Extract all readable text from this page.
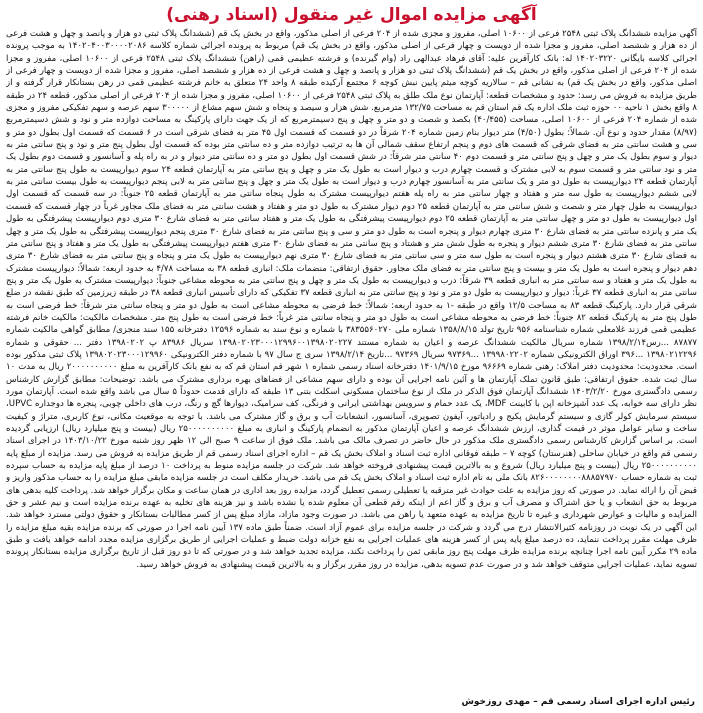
آگهی مزایده اموال غیر منقول (اسناد رهنی)

آگهی مزایده ششدانگ پلاک ثبتی ۲۵۴۸ فرعی از ۱۰۶۰۰ اصلی، مفروز و مجزی شده از ۲۰۴ فرعی از اصلی مذکور، واقع در بخش یک قم (ششدانگ پلاک ثبتی دو هزار و پانصد و چهل و هشت فرعی از ده هزار و ششصد اصلی، مفروز و مجزا شده از دویست و چهار فرعی از اصلی مذکور، واقع در بخش یک قم) مربوط به پرونده اجرائی شماره کلاسه ۱۴۰۲۰۴۰۰۳۰۰۰۰۲۰۸۶ به موجب پرونده اجرائی کلاسه بایگانی ۱۴۰۲۰۳۲۲۰ له: بانک کارآفرین علیه: آقای فرهاد عبدالهی راد (وام گیرنده) و فرشته عظیمی قمی (راهن) ششدانگ پلاک ثبتی ۲۵۴۸ فرعی از ۱۰۶۰۰ اصلی، مفروز و مجزا شده از ۲۰۴ فرعی از اصلی مذکور، واقع در بخش یک قم (ششدانگ پلاک ثبتی دو هزار و پانصد و چهل و هشت فرعی از ده هزار و ششصد اصلی، مفروز و مجزا شده از دویست و چهار فرعی از اصلی مذکور، واقع در بخش یک قم) به نشانی قم – سالاریه کوچه میثم پایین نبش کوچه ۶ مجتمع آرکیده طبقه ۸ واحد ۲۴ متعلق به خانم فرشته عظیمی قمی در رهن بستانکار قرار گرفته و از طریق مزایده به فروش می رسد: حدود و مشخصات قطعه: آپارتمان نوع ملک طلق به پلاک ثبتی ۲۵۴۸ فرعی از ۱۰۶۰۰ اصلی، مفروز و مجزا شده از ۲۰۴ فرعی از اصلی مذکور، قطعه ۲۴ در طبقه ۸ واقع بخش ۱ ناحیه ۰۰ حوزه ثبت ملک اداره یک قم استان قم به مساحت ۱۳۲/۷۵ مترمربع. شش هزار و سیصد و پنجاه و شش سهم مشاع از ۳۰۰۰۰۰ سهم عرصه و سهم تفکیکی مفروز و مجزی شده از شماره ۲۰۴ فرعی از ۱۰۶۰۰ اصلی، مساحت (۴۰/۴۵۵) بکصد و شصت و دو متر و چهل و پنج دسیمترمربع که از یک جهت دارای پارکینگ به مساحت دوازده متر و نود و شش دسیمترمربع (۸/۹۷) مقدار حدود و نوع آن. شمالاً: بطول (۴/۵۰) متر دیوار بنام زمین شماره ۲۰۴ شرقاً در دو قسمت که قسمت اول ۴۵ متر به فضای شرقی است در ۶ قسمت که قسمت اول بطول دو متر و سی و هشت سانتی متر به فضای شرقی که قسمت های دوم و پنجم ارتفاع سقف شمالی آن ها به ترتیب دوازده متر و ده سانتی متر بوده که قسمت اول بطول پنج متر و نود و پنج سانتی متر به دیوار و سوم بطول یک متر و چهل و پنج سانتی متر و قسمت دوم ۴۰ سانتی متر شرقاً: در شش قسمت اول بطول دو متر و ده سانتی متر دیوار و در به راه پله و آسانسور و قسمت دوم بطول یک متر و نود سانتی متر و قسمت سوم به لابی مشترک و قسمت چهارم درب و دیوار است به طول یک متر و چهل و پنج سانتی متر به آپارتمان قطعه ۲۴ سوم دیوارپیست به طول پنج سانتی متر به آپارتمان قطعه ۲۴ دیوارپیست به طول دو متر و یک سانتی متر به آسانسور چهارم درب و دیوار است به طول یک متر و چهل و پنج سانتی متر به لابی پنجم دیوارپیست به طول بیست سانتی متر به لابی ششم دیوارپیست به طول سه متر و هفتاد و چهار سانتی متر به راه پله هفتم دیوارپیست مشترک به طول پنجاه سانتی متر به آپارتمان قطعه ۲۵ جنوباً: در سه قسمت که قسمت اول دیوارپیست به طول چهار متر و شصت و شش سانتی متر به آپارتمان قطعه ۲۵ دوم دیوار مشترک به طول دو متر و هفتاد و هشت سانتی متر به فضای ملک مجاور غرباً در چهار قسمت که قسمت اول دیوارپیست به طول دو متر و چهل سانتی متر به آپارتمان قطعه ۲۵ دوم دیوارپیست پیشرفتگی به طول یک متر و هفتاد سانتی متر به فضای شارع ۳۰ متری دوم دیوارپیست پیشرفتگی به طول یک متر و پانزده سانتی متر به فضای شارع ۳۰ متری چهارم دیوار و پنجره است به طول دو متر و سی و پنج سانتی متر به فضای شارع ۳۰ متری پنجم دیوارپیست پیشرفتگی به طول یک متر و چهل سانتی متر به فضای شارع ۳۰ متری ششم دیوار و پنجره به طول شش متر و هشتاد و پنج سانتی متر به فضای شارع ۳۰ متری هفتم دیوارپیست پیشرفتگی به طول یک متر و هفتاد و پنج سانتی متر به فضای شارع ۳۰ متری هشتم دیوار و پنجره است به طول سه متر و سی سانتی متر به فضای شارع ۳۰ متری نهم دیوارپیست به طول یک متر و پنجاه و پنج سانتی متر به فضای شارع ۳۰ متری دهم دیوار و پنجره است به طول یک متر و بیست و پنج سانتی متر به فضای ملک مجاور. حقوق ارتفاقی: منضمات ملک: انباری قطعه ۳۸ به مساحت ۴/۷۸ به حدود اربعه: شمالاً: دیوارپیست مشترک به طول یک متر و هفتاد و سه سانتی متر به انباری قطعه ۳۹ شرقاً: درب و دیوارپیست به طول یک متر و چهل و پنج سانتی متر به محوطه مشاعی جنوباً: دیوارپیست مشترک به طول یک متر و پنج سانتی متر به انباری قطعه ۳۷ غرباً: دیوار و دیوارپیست به طول دو متر و نود و پنج سانتی متر به انباری قطعه ۳۷ تفکیکی که دارای تأسیس انباری قطعه ۳۸ در طبقه زیرزمین که طبق نقشه در ضلع شرقی قرار دارد. پارکینگ قطعه ۸۳ به مساحت ۱۲/۵ واقع در طبقه -۱ به حدود اربعه: شمالاً: خط فرضی به محوطه مشاعی است به طول دو متر و پنجاه سانتی متر شرقاً: خط فرضی است به طول پنج متر به پارکینگ قطعه ۸۲ جنوباً: خط فرضی به محوطه مشاعی است به طول دو متر و پنجاه سانتی متر غرباً: خط فرضی است به طول پنج متر. مشخصات مالکیت: مالکیت خانم فرشته عظیمی قمی فرزند غلامعلی شماره شناسنامه ۹۵۶ تاریخ تولد ۱۳۵۸/۸/۱۵ شماره ملی ۳۸۳۵۵۶۰۲۷۰ با شماره و نوع سند به شماره ۱۲۵۹۶ دفترخانه ۱۵۵ سند منجزی/ مطابق گواهی مالکیت شماره ۸۷۸۷۷ ...رس۱۳۹۸/۲/۱۴ شماره سریال مالکیت ششدانگ عرصه و اعیان به شماره مستند ۱۳۹۸۰۲۰۲۳۰۰۰۱۲۹۹۶۰۰۱۳۹۸۰۲۰۲۲۷ سریال ۸۳۹۸۶ پ ۱۳۹۸۰۲۰۲ دفتر ... حقوقی و شماره ۱۳۹۸۰۲۱۲۲۹۶ ...۳۹۶ اوراق الکترونیکی شماره ۱۳۹۹۸۰۲۲۰۲ ...۹۷۳۶۹ سریال ۹۷۳۶۹ ...تاریخ ۱۳۹۸/۲/۱۴ سری ج سال ۹۷ با شماره دفتر الکترونیکی ۱۳۹۸۰۲۰۲۳۰۰۰۱۲۹۹۶۰ پلاک ثبتی مذکور بوده است. محدودیت: محدودیت دفتر املاک: رهنی شماره ۹۶۶۶۹ مورخ ۱۴۰۱/۹/۱۵ دفترخانه اسناد رسمی شماره ۱ شهر قم استان قم که به نفع بانک کارآفرین به مبلغ ۲۰۰۰۰۰۰۰۰۰۰ ریال به مدت ۱۰ سال ثبت شده. حقوق ارتفاقی: طبق قانون تملک آپارتمان ها و آئین نامه اجرایی آن بوده و دارای سهم مشاعی از فضاهای بهره برداری مشترک می باشد. توضیحات: مطابق گزارش کارشناس رسمی دادگستری مورخ ۱۴۰۳/۲/۲۰ ششدانگ آپارتمان فوق الذکر در ملک از نوع ساختمان مسکونی اسکلت بتنی ۱۳ طبقه که دارای قدمت حدوداً ۵ سال می باشد واقع شده است. آپارتمان مورد نظر دارای سه خوابه، یک عدد آشپزخانه اپن با کابینت MDF، یک عدد حمام و سرویس بهداشتی ایرانی و فرنگی، کف سرامیک، دیوارها گچ و رنگ، درب های داخلی چوبی، پنجره ها دوجداره UPVC، سیستم سرمایش کولر گازی و سیستم گرمایش پکیج و رادیاتور، آیفون تصویری، آسانسور، انشعابات آب و برق و گاز مشترک می باشد. با توجه به موقعیت مکانی، نوع کاربری، متراژ و کیفیت ساخت و سایر عوامل موثر در قیمت گذاری، ارزش ششدانگ عرصه و اعیان آپارتمان مذکور به انضمام پارکینگ و انباری به مبلغ ۲۵۰۰۰۰۰۰۰۰۰۰ ریال (بیست و پنج میلیارد ریال) ارزیابی گردیده است. بر اساس گزارش کارشناس رسمی دادگستری ملک مذکور در حال حاضر در تصرف مالک می باشد. ملک فوق از ساعت ۹ صبح الی ۱۲ ظهر روز شنبه مورخ ۱۴۰۳/۱۰/۲۲ در اجرای اسناد رسمی قم واقع در خیابان ساحلی (هنرستان) کوچه ۷ – طبقه فوقانی اداره ثبت اسناد و املاک بخش یک قم – اداره اجرای اسناد رسمی قم از طریق مزایده به فروش می رسد. مزایده از مبلغ پایه ۲۵۰۰۰۰۰۰۰۰۰۰ ریال (بیست و پنج میلیارد ریال) شروع و به بالاترین قیمت پیشنهادی فروخته خواهد شد. شرکت در جلسه مزایده منوط به پرداخت ۱۰ درصد از مبلغ پایه مزایده به حساب سپرده ثبت به شماره حساب ۸۲۶۰۰۰۰۰۰۰۰۸۸۸۵۷۹۷۰ بانک ملی به نام اداره ثبت اسناد و املاک بخش یک قم می باشد. خریدار مکلف است در جلسه مزایده مابقی مبلغ مزایده را به حساب مذکور واریز و قبض آن را ارائه نماید. در صورتی که روز مزایده به علت حوادث غیر مترقبه یا تعطیلی رسمی تعطیل گردد، مزایده روز بعد اداری در همان ساعت و مکان برگزار خواهد شد. پرداخت کلیه بدهی های مربوط به حق انشعاب و یا حق اشتراک و مصرف آب و برق و گاز اعم از اینکه رقم قطعی آن معلوم شده یا نشده باشد و نیز هزینه های تخلیه به عهده برنده مزایده است و نیم عشر و حق المزایده و مالیات و عوارض شهرداری و غیره تا تاریخ مزایده به عهده متعهد یا راهن می باشد. در صورت وجود مازاد، مازاد مبلغ پس از کسر مطالبات بستانکار و حقوق دولتی مسترد خواهد شد. این آگهی در یک نوبت در روزنامه کثیرالانتشار درج می گردد و شرکت در جلسه مزایده برای عموم آزاد است. ضمناً طبق ماده ۱۳۷ آیین نامه اجرا در صورتی که برنده مزایده بقیه مبلغ مزایده را ظرف مهلت مقرر پرداخت ننماید، ده درصد مبلغ پایه پس از کسر هزینه های عملیات اجرایی به نفع خزانه دولت ضبط و عملیات اجرایی از طریق برگزاری مزایده مجدد ادامه خواهد یافت و طبق ماده ۲۹ مکرر آیین نامه اجرا چنانچه برنده مزایده ظرف مهلت پنج روز مابقی ثمن را پرداخت نکند، مزایده تجدید خواهد شد و در صورتی که تا دو روز قبل از تاریخ برگزاری مزایده بستانکار پرونده تسویه نماید، عملیات اجرایی متوقف خواهد شد و در صورت عدم تسویه بدهی، مزایده در روز مقرر برگزار و به بالاترین قیمت پیشنهادی به فروش خواهد رسید.

رئیس اداره اجرای اسناد رسمی قم – مهدی روزخوش
